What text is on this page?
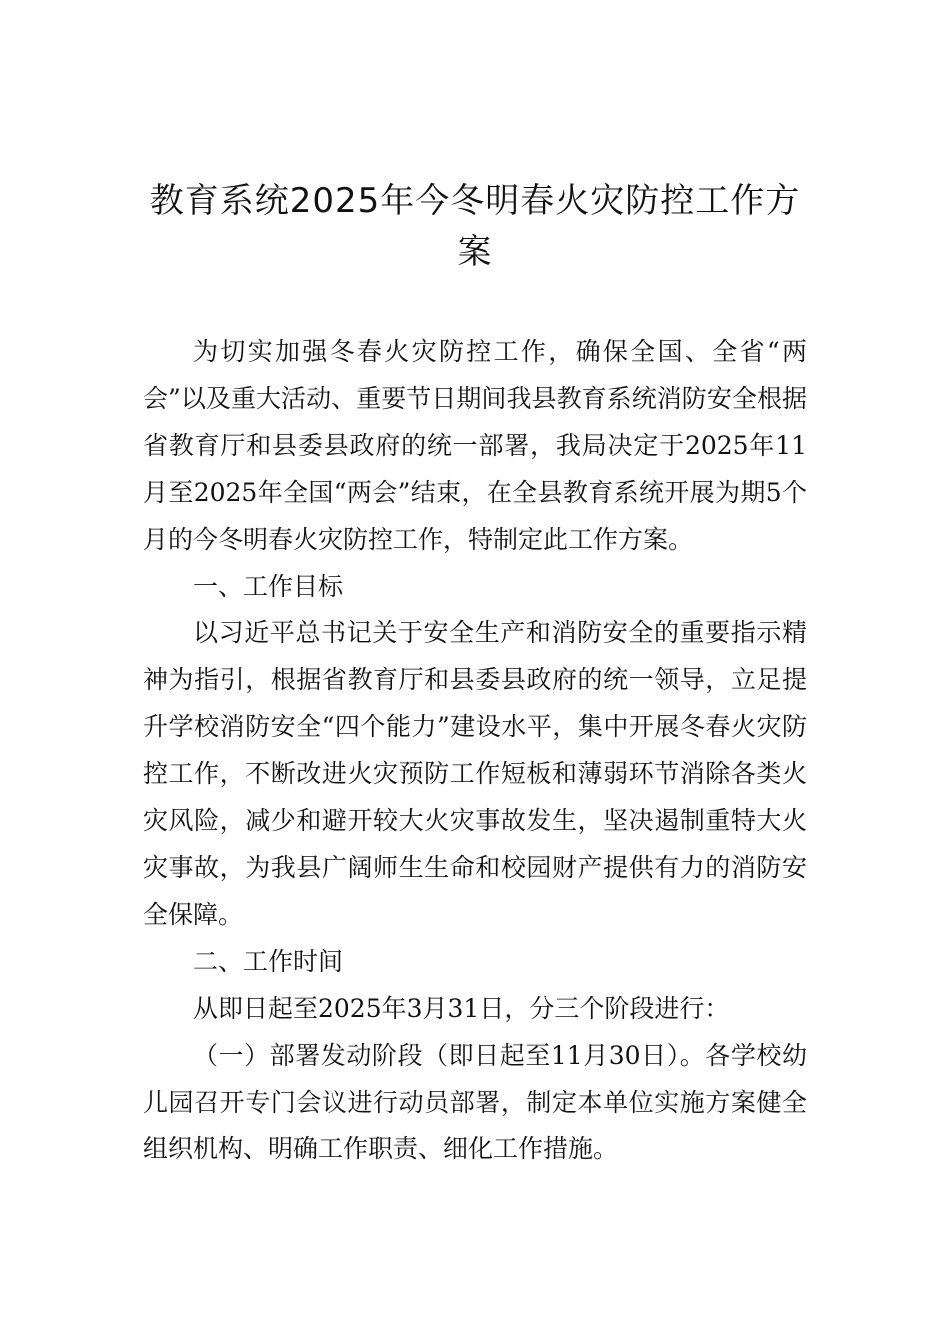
教育系统2025年今冬明春火灾防控工作方案

为切实加强冬春火灾防控工作，确保全国、全省“两会”以及重大活动、重要节日期间我县教育系统消防安全根据省教育厅和县委县政府的统一部署，我局决定于2025年11月至2025年全国“两会”结束，在全县教育系统开展为期5个月的今冬明春火灾防控工作，特制定此工作方案。

一、工作目标

以习近平总书记关于安全生产和消防安全的重要指示精神为指引，根据省教育厅和县委县政府的统一领导，立足提升学校消防安全“四个能力”建设水平，集中开展冬春火灾防控工作，不断改进火灾预防工作短板和薄弱环节消除各类火灾风险，减少和避开较大火灾事故发生，坚决遏制重特大火灾事故，为我县广阔师生生命和校园财产提供有力的消防安全保障。

二、工作时间

从即日起至2025年3月31日，分三个阶段进行：

（一）部署发动阶段（即日起至11月30日）。各学校幼儿园召开专门会议进行动员部署，制定本单位实施方案健全组织机构、明确工作职责、细化工作措施。
